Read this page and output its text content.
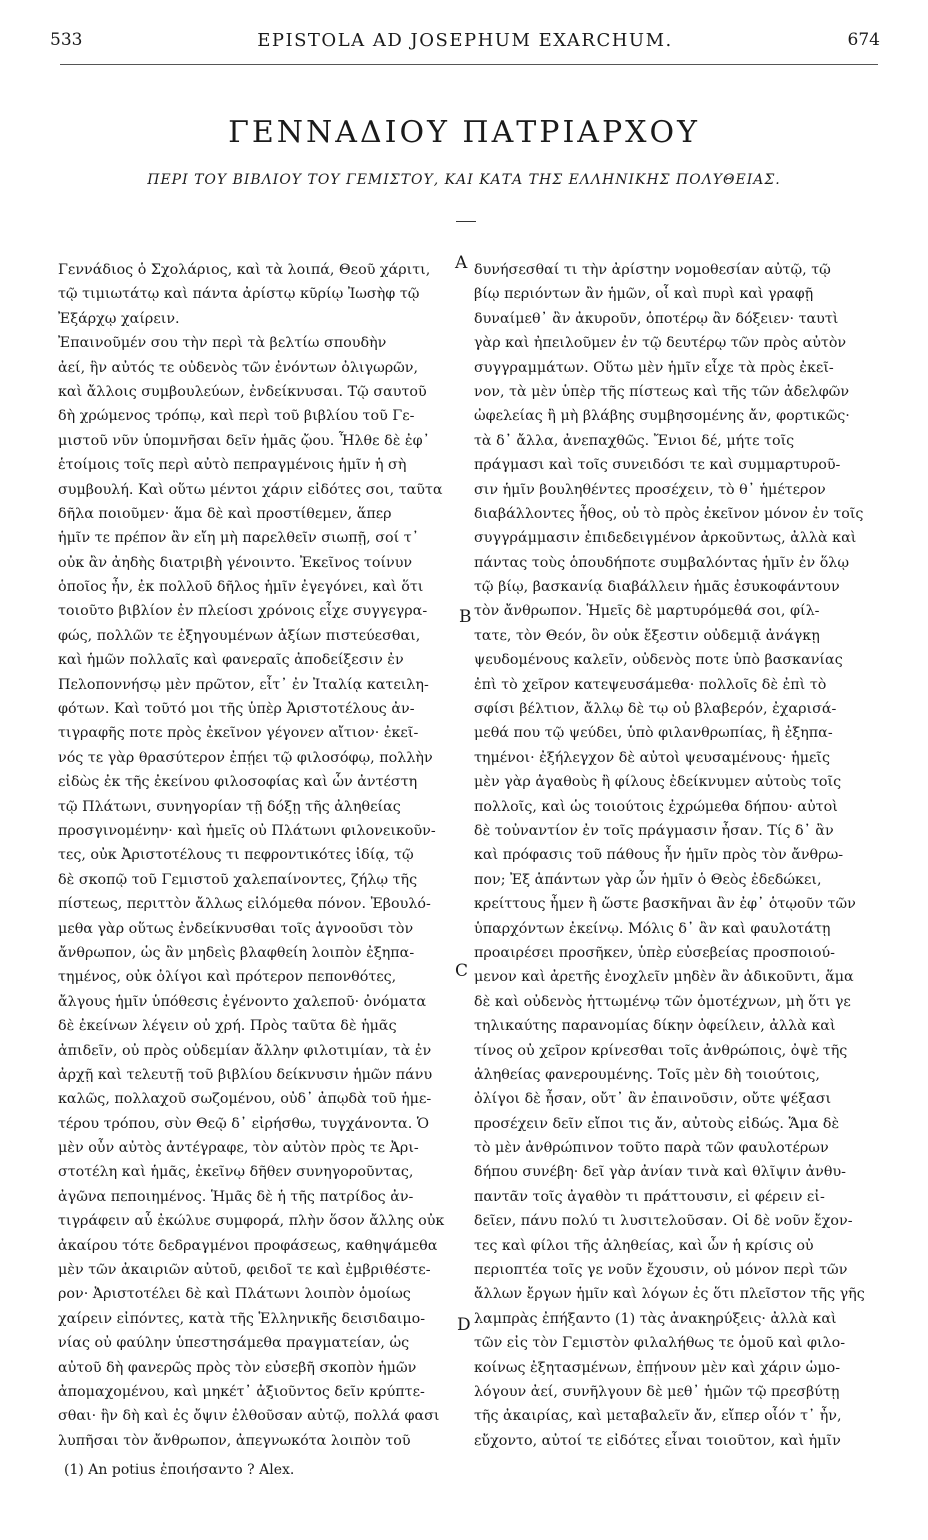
533	EPISTOLA AD JOSEPHUM EXARCHUM.	674
ΓΕΝΝΑΔΙΟΥ ΠΑΤΡΙΑΡΧΟΥ
ΠΕΡΙ ΤΟΥ ΒΙΒΛΙΟΥ ΤΟΥ ΓΕΜΙΣΤΟΥ, ΚΑΙ ΚΑΤΑ ΤΗΣ ΕΛΛΗΝΙΚΗΣ ΠΟΛΥΘΕΙΑΣ.
Γεννάδιος ὁ Σχολάριος, καὶ τὰ λοιπά, Θεοῦ χάριτι,
τῷ τιμιωτάτῳ καὶ πάντα ἀρίστῳ κῦρίῳ Ἰωσὴφ τῷ
Ἐξάρχῳ χαίρειν.
Ἐπαινοῦμέν σου τὴν περὶ τὰ βελτίω σπουδὴν
ἀεί, ἣν αὐτός τε οὐδενὸς τῶν ἐνόντων ὀλιγωρῶν,
καὶ ἄλλοις συμβουλεύων, ἐνδείκνυσαι. Τῷ σαυτοῦ
δὴ χρώμενος τρόπῳ, καὶ περὶ τοῦ βιβλίου τοῦ Γε-
μιστοῦ νῦν ὑπομνῆσαι δεῖν ἡμᾶς ᾤου. Ἦλθε δὲ ἐφ᾽
ἑτοίμοις τοῖς περὶ αὐτὸ πεπραγμένοις ἡμῖν ἡ σὴ
συμβουλή. Καὶ οὕτω μέντοι χάριν εἰδότες σοι, ταῦτα
δῆλα ποιοῦμεν· ἅμα δὲ καὶ προστίθεμεν, ἅπερ
ἡμῖν τε πρέπον ἂν εἴη μὴ παρελθεῖν σιωπῇ, σοί τ᾽
οὐκ ἂν ἀηδὴς διατριβὴ γένοιντο. Ἐκεῖνος τοίνυν
ὁποῖος ἦν, ἐκ πολλοῦ δῆλος ἡμῖν ἐγεγόνει, καὶ ὅτι
τοιοῦτο βιβλίον ἐν πλείοσι χρόνοις εἶχε συγγεγρα-
φώς, πολλῶν τε ἐξηγουμένων ἀξίων πιστεύεσθαι,
καὶ ἡμῶν πολλαῖς καὶ φανεραῖς ἀποδείξεσιν ἐν
Πελοποννήσῳ μὲν πρῶτον, εἶτ᾽ ἐν Ἰταλίᾳ κατειλη-
φότων. Καὶ τοῦτό μοι τῆς ὑπὲρ Ἀριστοτέλους ἀν-
τιγραφῆς ποτε πρὸς ἐκεῖνον γέγονεν αἴτιον· ἐκεῖ-
νός τε γὰρ θρασύτερον ἐπῄει τῷ φιλοσόφῳ, πολλὴν
εἰδὼς ἐκ τῆς ἐκείνου φιλοσοφίας καὶ ὧν ἀντέστη
τῷ Πλάτωνι, συνηγορίαν τῇ δόξῃ τῆς ἀληθείας
προσγινομένην· καὶ ἡμεῖς οὐ Πλάτωνι φιλονεικοῦν-
τες, οὐκ Ἀριστοτέλους τι πεφροντικότες ἰδίᾳ, τῷ
δὲ σκοπῷ τοῦ Γεμιστοῦ χαλεπαίνοντες, ζήλῳ τῆς
πίστεως, περιττὸν ἄλλως εἱλόμεθα πόνον. Ἐβουλό-
μεθα γὰρ οὕτως ἐνδείκνυσθαι τοῖς ἀγνοοῦσι τὸν
ἄνθρωπον, ὡς ἂν μηδεὶς βλαφθείη λοιπὸν ἐξηπα-
τημένος, οὐκ ὀλίγοι καὶ πρότερον πεπονθότες,
ἄλγους ἡμῖν ὑπόθεσις ἐγένοντο χαλεποῦ· ὀνόματα
δὲ ἐκείνων λέγειν οὐ χρή. Πρὸς ταῦτα δὲ ἡμᾶς
ἀπιδεῖν, οὐ πρὸς οὐδεμίαν ἄλλην φιλοτιμίαν, τὰ ἐν
ἀρχῇ καὶ τελευτῇ τοῦ βιβλίου δείκνυσιν ἡμῶν πάνυ
καλῶς, πολλαχοῦ σωζομένου, οὐδ᾽ ἀπῳδὰ τοῦ ἡμε-
τέρου τρόπου, σὺν Θεῷ δ᾽ εἰρήσθω, τυγχάνοντα. Ὁ
μὲν οὖν αὐτὸς ἀντέγραφε, τὸν αὐτὸν πρὸς τε Ἀρι-
στοτέλη καὶ ἡμᾶς, ἐκεῖνῳ δῆθεν συνηγοροῦντας,
ἀγῶνα πεποιημένος. Ἡμᾶς δὲ ἡ τῆς πατρίδος ἀν-
τιγράφειν αὖ ἐκώλυε συμφορά, πλὴν ὅσον ἄλλης οὐκ
ἀκαίρου τότε δεδραγμένοι προφάσεως, καθηψάμεθα
μὲν τῶν ἀκαιριῶν αὐτοῦ, φειδοῖ τε καὶ ἐμβριθέστε-
ρον· Ἀριστοτέλει δὲ καὶ Πλάτωνι λοιπὸν ὁμοίως
χαίρειν εἰπόντες, κατὰ τῆς Ἑλληνικῆς δεισιδαιμο-
νίας οὐ φαύλην ὑπεστησάμεθα πραγματείαν, ὡς
αὐτοῦ δὴ φανερῶς πρὸς τὸν εὐσεβῆ σκοπὸν ἡμῶν
ἀπομαχομένου, καὶ μηκέτ᾽ ἀξιοῦντος δεῖν κρύπτε-
σθαι· ἣν δὴ καὶ ἐς ὄψιν ἐλθοῦσαν αὐτῷ, πολλά φασι
λυπῆσαι τὸν ἄνθρωπον, ἀπεγνωκότα λοιπὸν τοῦ
δυνήσεσθαί τι τὴν ἀρίστην νομοθεσίαν αὐτῷ, τῷ
βίῳ περιόντων ἂν ἡμῶν, οἷ καὶ πυρὶ καὶ γραφῇ
δυναίμεθ᾽ ἂν ἀκυροῦν, ὁποτέρῳ ἂν δόξειεν· ταυτὶ
γὰρ καὶ ἠπειλοῦμεν ἐν τῷ δευτέρῳ τῶν πρὸς αὐτὸν
συγγραμμάτων. Οὕτω μὲν ἡμῖν εἶχε τὰ πρὸς ἐκεῖ-
νον, τὰ μὲν ὑπὲρ τῆς πίστεως καὶ τῆς τῶν ἀδελφῶν
ὠφελείας ἢ μὴ βλάβης συμβησομένης ἄν, φορτικῶς·
τὰ δ᾽ ἄλλα, ἀνεπαχθῶς. Ἔνιοι δέ, μήτε τοῖς
πράγμασι καὶ τοῖς συνειδόσι τε καὶ συμμαρτυροῦ-
σιν ἡμῖν βουληθέντες προσέχειν, τὸ θ᾽ ἡμέτερον
διαβάλλοντες ἦθος, οὐ τὸ πρὸς ἐκεῖνον μόνον ἐν τοῖς
συγγράμμασιν ἐπιδεδειγμένον ἀρκοῦντως, ἀλλὰ καὶ
πάντας τοὺς ὁπουδήποτε συμβαλόντας ἡμῖν ἐν ὅλῳ
τῷ βίῳ, βασκανίᾳ διαβάλλειν ἡμᾶς ἐσυκοφάντουν
τὸν ἄνθρωπον. Ἡμεῖς δὲ μαρτυρόμεθά σοι, φίλ-
τατε, τὸν Θεόν, ὃν οὐκ ἔξεστιν οὐδεμιᾷ ἀνάγκῃ
ψευδομένους καλεῖν, οὐδενὸς ποτε ὑπὸ βασκανίας
ἐπὶ τὸ χεῖρον κατεψευσάμεθα· πολλοῖς δὲ ἐπὶ τὸ
σφίσι βέλτιον, ἄλλῳ δὲ τῳ οὐ βλαβερόν, ἐχαρισά-
μεθά που τῷ ψεύδει, ὑπὸ φιλανθρωπίας, ἢ ἐξηπα-
τημένοι· ἐξήλεγχον δὲ αὐτοὶ ψευσαμένους· ἡμεῖς
μὲν γὰρ ἀγαθοὺς ἢ φίλους ἐδείκνυμεν αὐτοὺς τοῖς
πολλοῖς, καὶ ὡς τοιούτοις ἐχρώμεθα δήπου· αὐτοὶ
δὲ τοὐναντίον ἐν τοῖς πράγμασιν ἦσαν. Τίς δ᾽ ἂν
καὶ πρόφασις τοῦ πάθους ἦν ἡμῖν πρὸς τὸν ἄνθρω-
πον; Ἐξ ἁπάντων γὰρ ὧν ἡμῖν ὁ Θεὸς ἐδεδώκει,
κρείττους ἦμεν ἢ ὥστε βασκῆναι ἂν ἐφ᾽ ὁτῳοῦν τῶν
ὑπαρχόντων ἐκείνῳ. Μόλις δ᾽ ἂν καὶ φαυλοτάτῃ
προαιρέσει προσῆκεν, ὑπὲρ εὐσεβείας προσποιού-
μενον καὶ ἀρετῆς ἐνοχλεῖν μηδὲν ἂν ἀδικοῦντι, ἅμα
δὲ καὶ οὐδενὸς ἡττωμένῳ τῶν ὁμοτέχνων, μὴ ὅτι γε
τηλικαύτης παρανομίας δίκην ὀφείλειν, ἀλλὰ καὶ
τίνος οὐ χεῖρον κρίνεσθαι τοῖς ἀνθρώποις, ὀψὲ τῆς
ἀληθείας φανερουμένης. Τοῖς μὲν δὴ τοιούτοις,
ὀλίγοι δὲ ἦσαν, οὔτ᾽ ἂν ἐπαινοῦσιν, οὔτε ψέξασι
προσέχειν δεῖν εἴποι τις ἄν, αὐτοὺς εἰδώς. Ἅμα δὲ
τὸ μὲν ἀνθρώπινον τοῦτο παρὰ τῶν φαυλοτέρων
δήπου συνέβη· δεῖ γὰρ ἀνίαν τινὰ καὶ θλῖψιν ἀνθυ-
παντᾶν τοῖς ἀγαθὸν τι πράττουσιν, εἰ φέρειν εἰ-
δεῖεν, πάνυ πολύ τι λυσιτελοῦσαν. Οἱ δὲ νοῦν ἔχον-
τες καὶ φίλοι τῆς ἀληθείας, καὶ ὧν ἡ κρίσις οὐ
περιοπτέα τοῖς γε νοῦν ἔχουσιν, οὐ μόνον περὶ τῶν
ἄλλων ἔργων ἡμῖν καὶ λόγων ἐς ὅτι πλεῖστον τῆς γῆς
λαμπρὰς ἐπήξαντο (1) τὰς ἀνακηρύξεις· ἀλλὰ καὶ
τῶν εἰς τὸν Γεμιστὸν φιλαλήθως τε ὁμοῦ καὶ φιλο-
κοίνως ἐξητασμένων, ἐπῄνουν μὲν καὶ χάριν ὡμο-
λόγουν ἀεί, συνῆλγουν δὲ μεθ᾽ ἡμῶν τῷ πρεσβύτῃ
τῆς ἀκαιρίας, καὶ μεταβαλεῖν ἄν, εἴπερ οἷόν τ᾽ ἦν,
εὔχοντο, αὐτοί τε εἰδότες εἶναι τοιοῦτον, καὶ ἡμῖν
A
B
C
D
(1) An potius ἐποιήσαντο ? Alex.
